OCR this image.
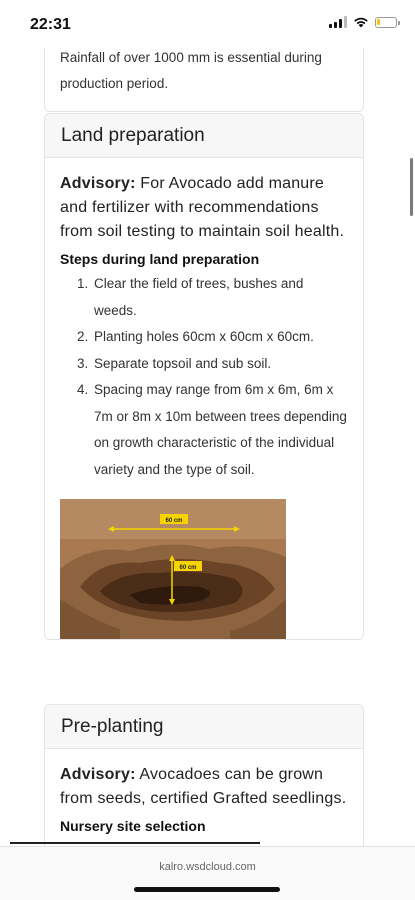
22:31
Rainfall of over 1000 mm is essential during production period.
Land preparation
Advisory: For Avocado add manure and fertilizer with recommendations from soil testing to maintain soil health.
Steps during land preparation
1. Clear the field of trees, bushes and weeds.
2. Planting holes 60cm x 60cm x 60cm.
3. Separate topsoil and sub soil.
4. Spacing may range from 6m x 6m, 6m x 7m or 8m x 10m between trees depending on growth characteristic of the individual variety and the type of soil.
60 cm
60 cm
Pre-planting
Advisory: Avocadoes can be grown from seeds, certified Grafted seedlings.
Nursery site selection
kalro.wsdcloud.com
